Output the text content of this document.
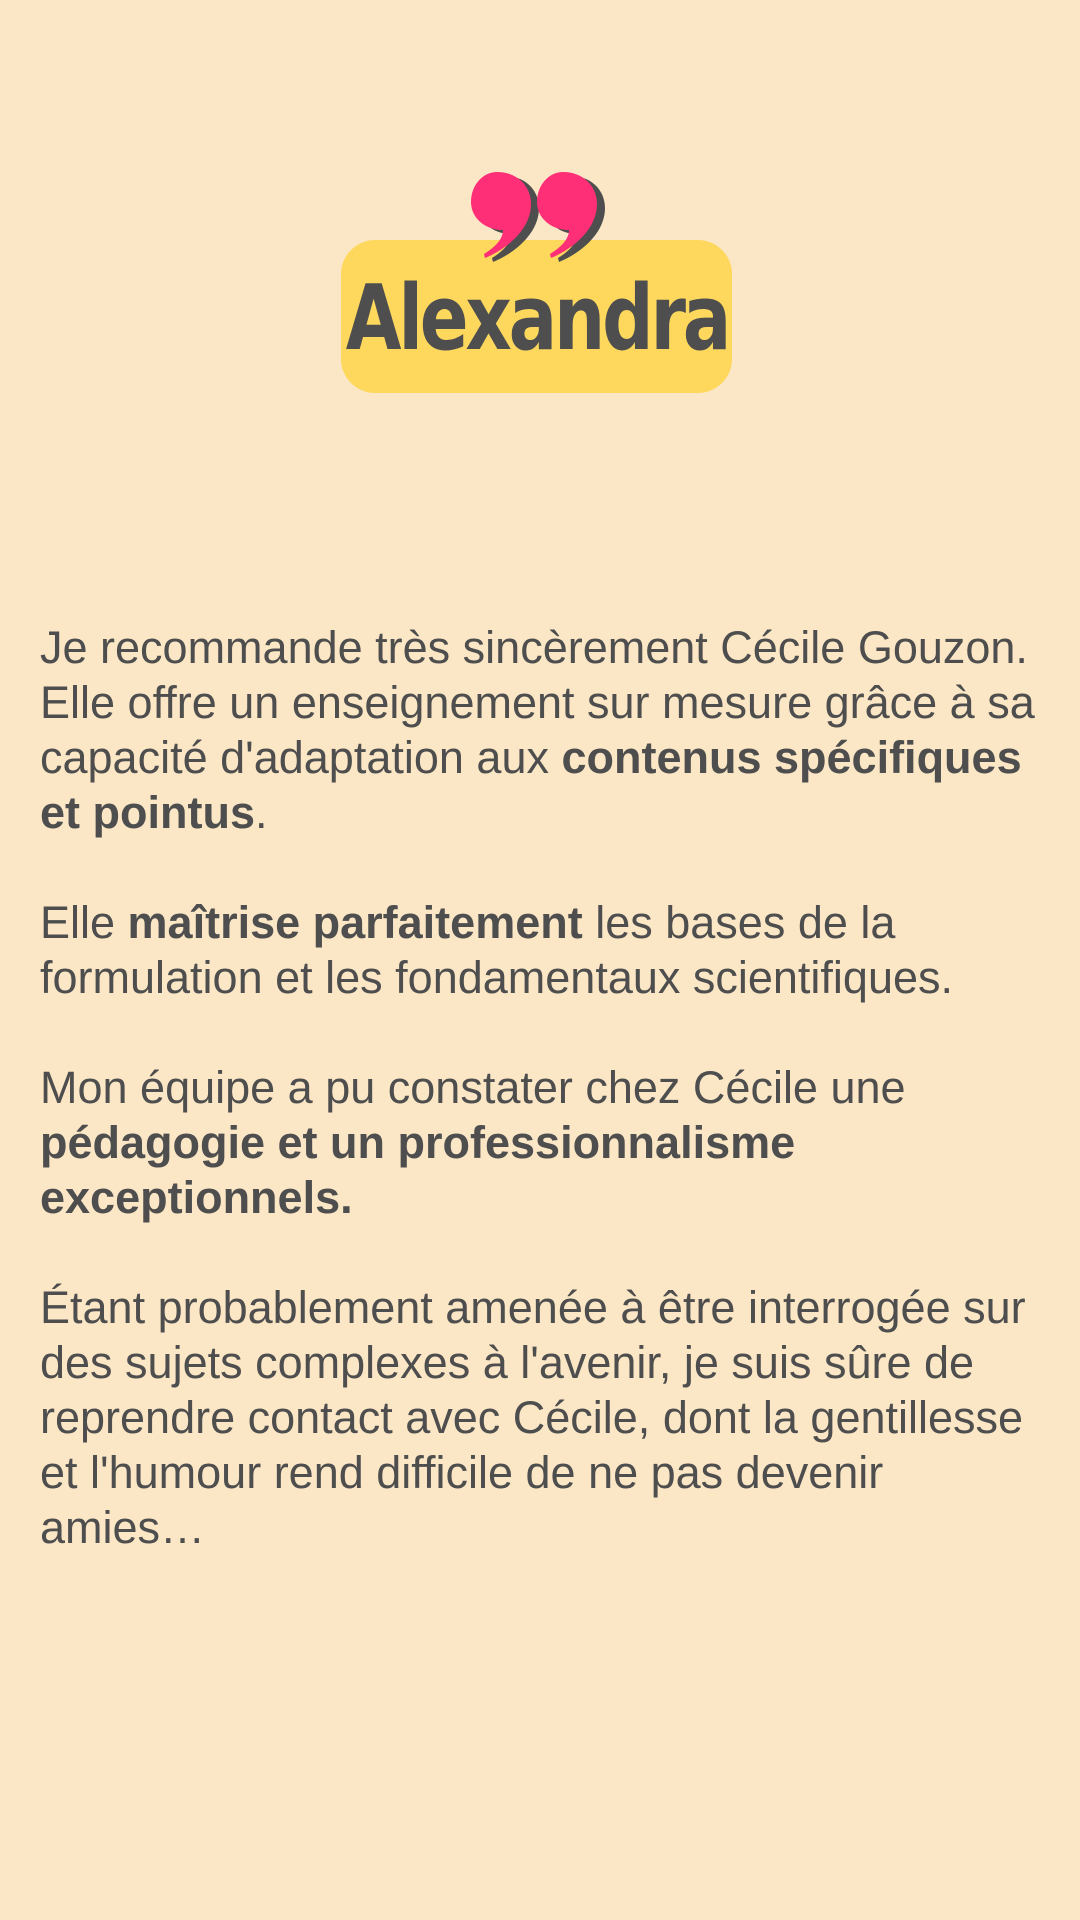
Alexandra

Je recommande très sincèrement Cécile Gouzon. Elle offre un enseignement sur mesure grâce à sa capacité d'adaptation aux contenus spécifiques et pointus.

Elle maîtrise parfaitement les bases de la formulation et les fondamentaux scientifiques.

Mon équipe a pu constater chez Cécile une pédagogie et un professionnalisme exceptionnels.

Étant probablement amenée à être interrogée sur des sujets complexes à l'avenir, je suis sûre de reprendre contact avec Cécile, dont la gentillesse et l'humour rend difficile de ne pas devenir amies…
